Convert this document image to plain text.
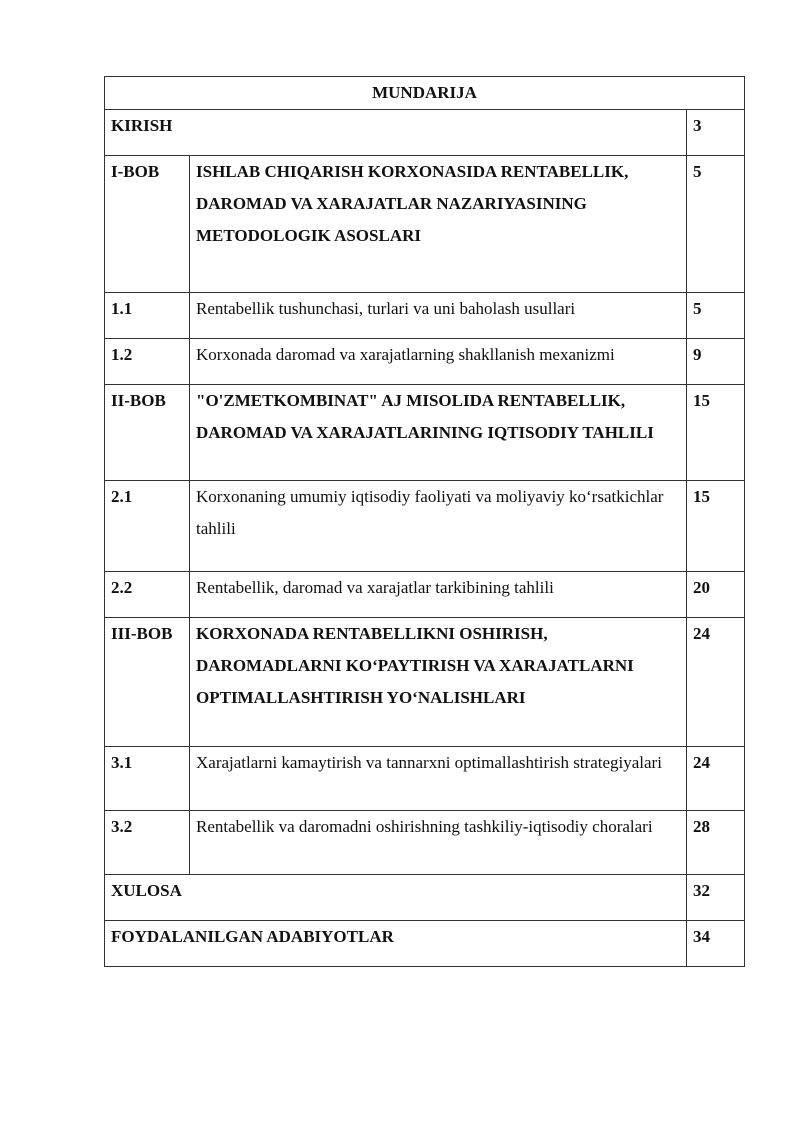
MUNDARIJA		
KIRISH		3
I-BOB	ISHLAB CHIQARISH KORXONASIDA RENTABELLIK, DAROMAD VA XARAJATLAR NAZARIYASINING METODOLOGIK ASOSLARI	5
1.1	Rentabellik tushunchasi, turlari va uni baholash usullari	5
1.2	Korxonada daromad va xarajatlarning shakllanish mexanizmi	9
II-BOB	"O'ZMETKOMBINAT" AJ MISOLIDA RENTABELLIK, DAROMAD VA XARAJATLARINING IQTISODIY TAHLILI	15
2.1	Korxonaning umumiy iqtisodiy faoliyati va moliyaviy ko‘rsatkichlar tahlili	15
2.2	Rentabellik, daromad va xarajatlar tarkibining tahlili	20
III-BOB	KORXONADA RENTABELLIKNI OSHIRISH, DAROMADLARNI KO‘PAYTIRISH VA XARAJATLARNI OPTIMALLASHTIRISH YO‘NALISHLARI	24
3.1	Xarajatlarni kamaytirish va tannarxni optimallashtirish strategiyalari	24
3.2	Rentabellik va daromadni oshirishning tashkiliy-iqtisodiy choralari	28
XULOSA		32
FOYDALANILGAN ADABIYOTLAR		34
